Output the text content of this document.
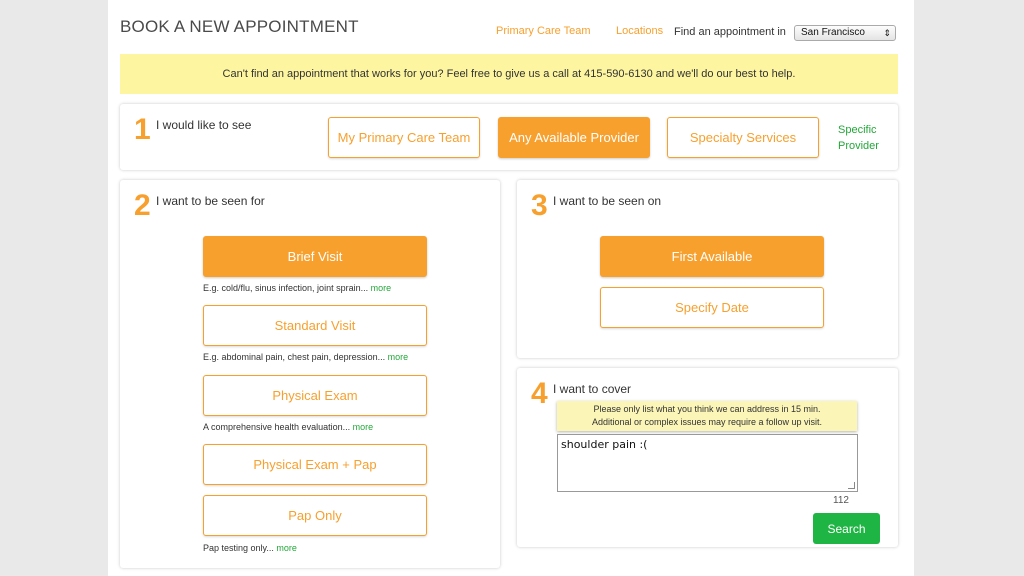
BOOK A NEW APPOINTMENT	Primary Care Team Locations Find an appointment in	San Francisco ⇕
Can't find an appointment that works for you? Feel free to give us a call at 415-590-6130 and we'll do our best to help.
1 I would like to see
My Primary Care Team	Any Available Provider	Specialty Services	Specific
Provider
2 I want to be seen for
Brief Visit
E.g. cold/flu, sinus infection, joint sprain... more
Standard Visit
E.g. abdominal pain, chest pain, depression... more
Physical Exam
A comprehensive health evaluation... more
Physical Exam + Pap
Pap Only
Pap testing only... more
3 I want to be seen on
First Available
Specify Date
4 I want to cover
Please only list what you think we can address in 15 min.
Additional or complex issues may require a follow up visit.
shoulder pain :(
112
Search
